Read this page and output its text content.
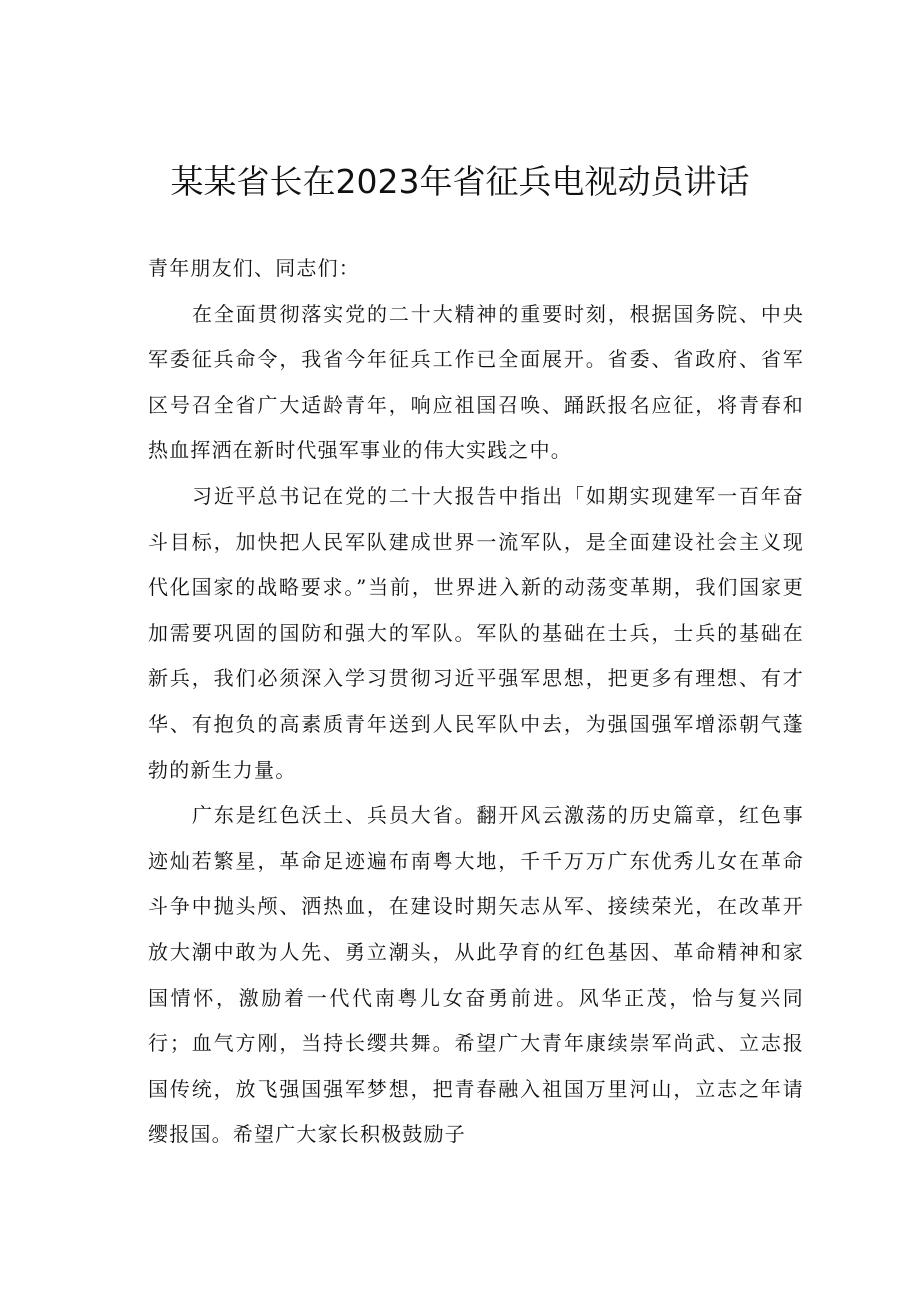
某某省长在2023年省征兵电视动员讲话

青年朋友们、同志们：

在全面贯彻落实党的二十大精神的重要时刻，根据国务院、中央军委征兵命令，我省今年征兵工作已全面展开。省委、省政府、省军区号召全省广大适龄青年，响应祖国召唤、踊跃报名应征，将青春和热血挥洒在新时代强军事业的伟大实践之中。

习近平总书记在党的二十大报告中指出「如期实现建军一百年奋斗目标，加快把人民军队建成世界一流军队，是全面建设社会主义现代化国家的战略要求。”当前，世界进入新的动荡变革期，我们国家更加需要巩固的国防和强大的军队。军队的基础在士兵，士兵的基础在新兵，我们必须深入学习贯彻习近平强军思想，把更多有理想、有才华、有抱负的高素质青年送到人民军队中去，为强国强军增添朝气蓬勃的新生力量。

广东是红色沃土、兵员大省。翻开风云激荡的历史篇章，红色事迹灿若繁星，革命足迹遍布南粤大地，千千万万广东优秀儿女在革命斗争中抛头颅、洒热血，在建设时期矢志从军、接续荣光，在改革开放大潮中敢为人先、勇立潮头，从此孕育的红色基因、革命精神和家国情怀，激励着一代代南粤儿女奋勇前进。风华正茂，恰与复兴同行；血气方刚，当持长缨共舞。希望广大青年康续崇军尚武、立志报国传统，放飞强国强军梦想，把青春融入祖国万里河山，立志之年请缨报国。希望广大家长积极鼓励子
